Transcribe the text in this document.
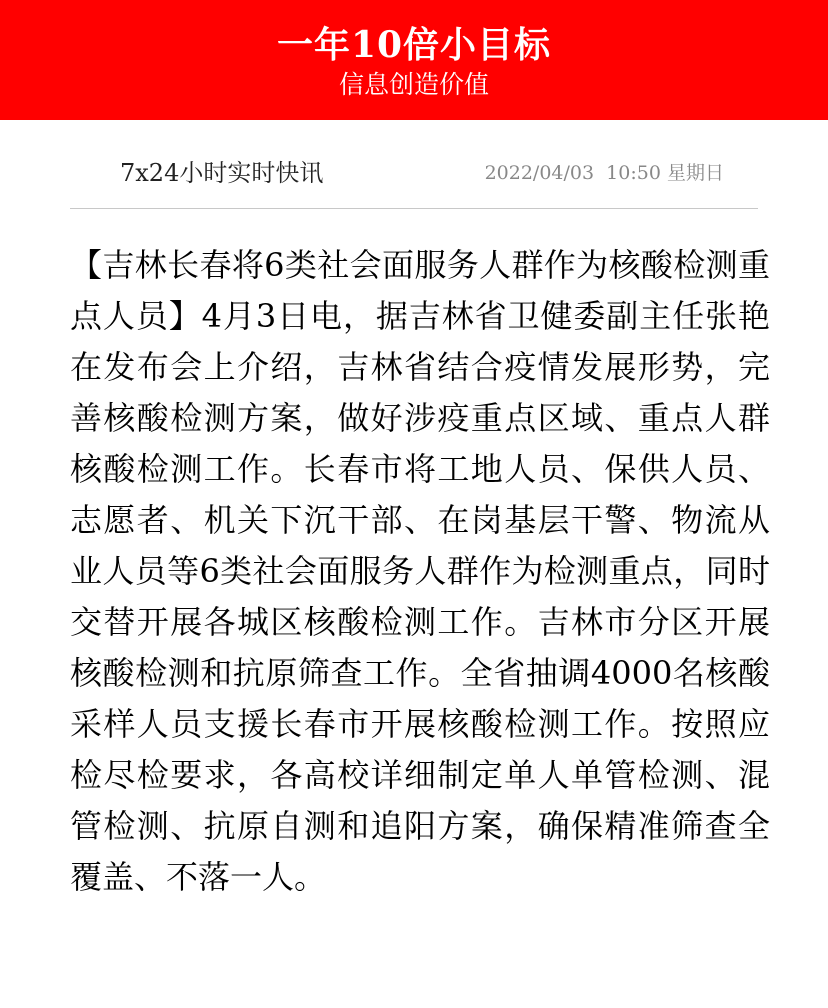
一年10倍小目标
信息创造价值
7x24小时实时快讯	2022/04/03 10:50 星期日
【吉林长春将6类社会面服务人群作为核酸检测重点人员】4月3日电，据吉林省卫健委副主任张艳在发布会上介绍，吉林省结合疫情发展形势，完善核酸检测方案，做好涉疫重点区域、重点人群核酸检测工作。长春市将工地人员、保供人员、志愿者、机关下沉干部、在岗基层干警、物流从业人员等6类社会面服务人群作为检测重点，同时交替开展各城区核酸检测工作。吉林市分区开展核酸检测和抗原筛查工作。全省抽调4000名核酸采样人员支援长春市开展核酸检测工作。按照应检尽检要求，各高校详细制定单人单管检测、混管检测、抗原自测和追阳方案，确保精准筛查全覆盖、不落一人。
